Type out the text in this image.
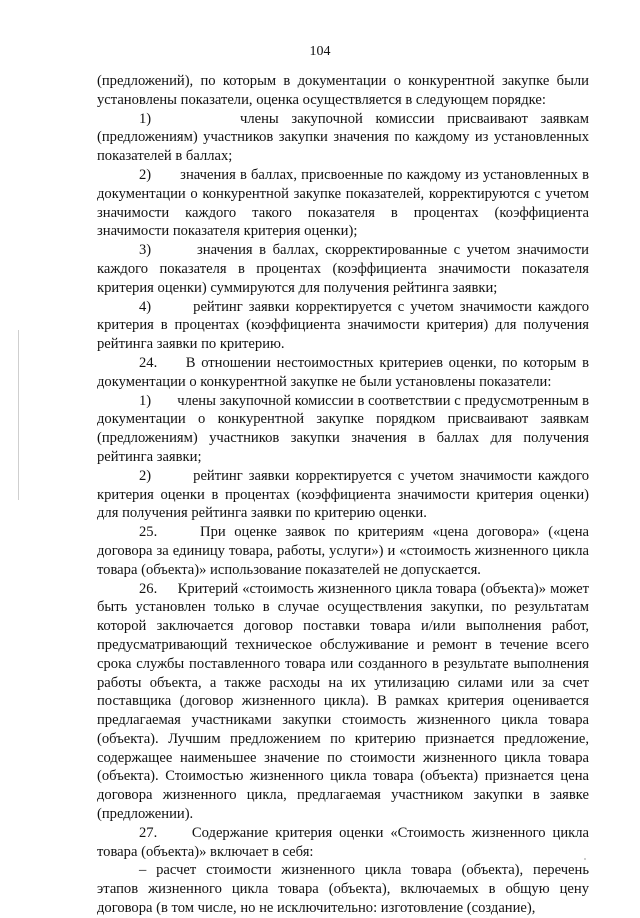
104

(предложений), по которым в документации о конкурентной закупке были установлены показатели, оценка осуществляется в следующем порядке:

1)       члены закупочной комиссии присваивают заявкам (предложениям) участников закупки значения по каждому из установленных показателей в баллах;

2)       значения в баллах, присвоенные по каждому из установленных в документации о конкурентной закупке показателей, корректируются с учетом значимости каждого такого показателя в процентах (коэффициента значимости показателя критерия оценки);

3)       значения в баллах, скорректированные с учетом значимости каждого показателя в процентах (коэффициента значимости показателя критерия оценки) суммируются для получения рейтинга заявки;

4)       рейтинг заявки корректируется с учетом значимости каждого критерия в процентах (коэффициента значимости критерия) для получения рейтинга заявки по критерию.

24.     В отношении нестоимостных критериев оценки, по которым в документации о конкурентной закупке не были установлены показатели:

1)       члены закупочной комиссии в соответствии с предусмотренным в документации о конкурентной закупке порядком присваивают заявкам (предложениям) участников закупки значения в баллах для получения рейтинга заявки;

2)       рейтинг заявки корректируется с учетом значимости каждого критерия оценки в процентах (коэффициента значимости критерия оценки) для получения рейтинга заявки по критерию оценки.

25.     При оценке заявок по критериям «цена договора» («цена договора за единицу товара, работы, услуги») и «стоимость жизненного цикла товара (объекта)» использование показателей не допускается.

26.     Критерий «стоимость жизненного цикла товара (объекта)» может быть установлен только в случае осуществления закупки, по результатам которой заключается договор поставки товара и/или выполнения работ, предусматривающий техническое обслуживание и ремонт в течение всего срока службы поставленного товара или созданного в результате выполнения работы объекта, а также расходы на их утилизацию силами или за счет поставщика (договор жизненного цикла). В рамках критерия оценивается предлагаемая участниками закупки стоимость жизненного цикла товара (объекта). Лучшим предложением по критерию признается предложение, содержащее наименьшее значение по стоимости жизненного цикла товара (объекта). Стоимостью жизненного цикла товара (объекта) признается цена договора жизненного цикла, предлагаемая участником закупки в заявке (предложении).

27.     Содержание критерия оценки «Стоимость жизненного цикла товара (объекта)» включает в себя:

– расчет стоимости жизненного цикла товара (объекта), перечень этапов жизненного цикла товара (объекта), включаемых в общую цену договора (в том числе, но не исключительно: изготовление (создание),
